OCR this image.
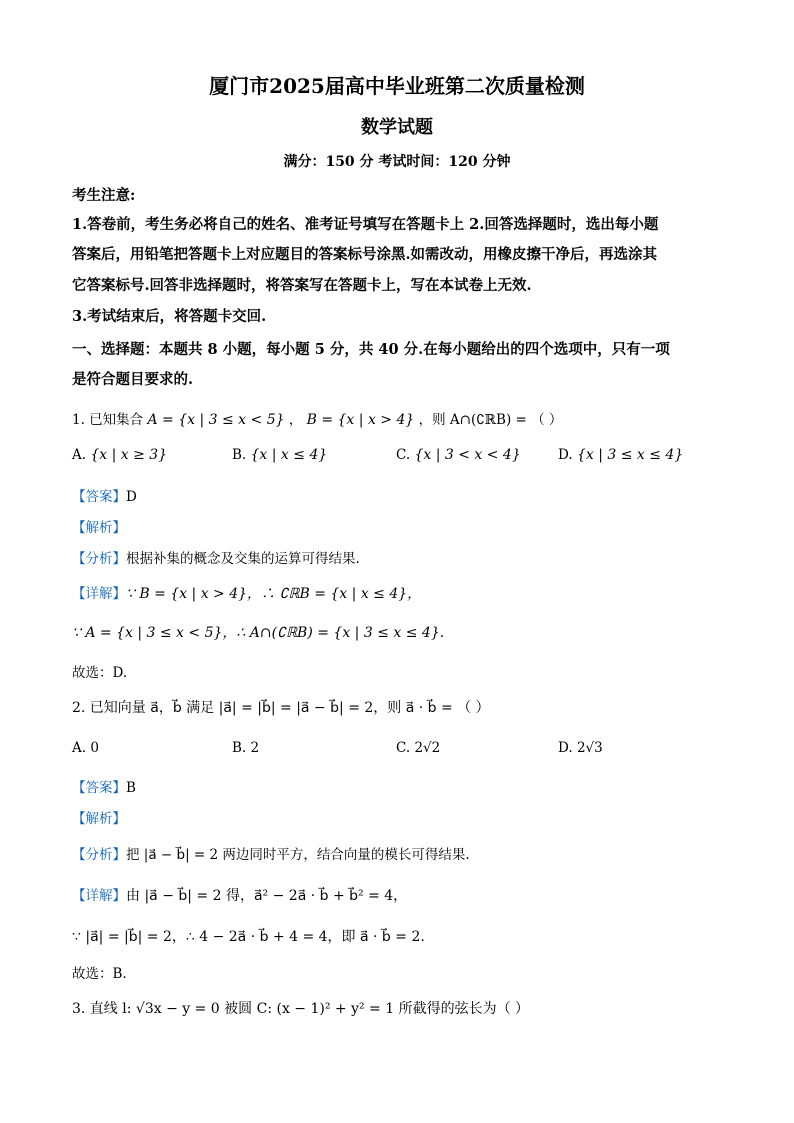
厦门市2025届高中毕业班第二次质量检测
数学试题
满分：150 分 考试时间：120 分钟
考生注意:
1.答卷前，考生务必将自己的姓名、准考证号填写在答题卡上 2.回答选择题时，选出每小题
答案后，用铅笔把答题卡上对应题目的答案标号涂黑.如需改动，用橡皮擦干净后，再选涂其
它答案标号.回答非选择题时，将答案写在答题卡上，写在本试卷上无效.
3.考试结束后，将答题卡交回.
一、选择题：本题共 8 小题，每小题 5 分，共 40 分.在每小题给出的四个选项中，只有一项
是符合题目要求的.
1. 已知集合 A = {x | 3 ≤ x < 5} ， B = {x | x > 4} ，则 A∩(∁ℝB) = （ ）
A. {x | x ≥ 3}	B. {x | x ≤ 4}	C. {x | 3 < x < 4}	D. {x | 3 ≤ x ≤ 4}
【答案】D
【解析】
【分析】根据补集的概念及交集的运算可得结果.
【详解】∵ B = {x | x > 4}，∴ ∁ℝB = {x | x ≤ 4}，
∵ A = {x | 3 ≤ x < 5}，∴ A∩(∁ℝB) = {x | 3 ≤ x ≤ 4}.
故选：D.
2. 已知向量 a⃗，b⃗ 满足 |a⃗| = |b⃗| = |a⃗ − b⃗| = 2，则 a⃗ · b⃗ = （ ）
A. 0	B. 2	C. 2√2	D. 2√3
【答案】B
【解析】
【分析】把 |a⃗ − b⃗| = 2 两边同时平方，结合向量的模长可得结果.
【详解】由 |a⃗ − b⃗| = 2 得，a⃗² − 2a⃗ · b⃗ + b⃗² = 4，
∵ |a⃗| = |b⃗| = 2，∴ 4 − 2a⃗ · b⃗ + 4 = 4，即 a⃗ · b⃗ = 2.
故选：B.
3. 直线 l: √3x − y = 0 被圆 C: (x − 1)² + y² = 1 所截得的弦长为（ ）
